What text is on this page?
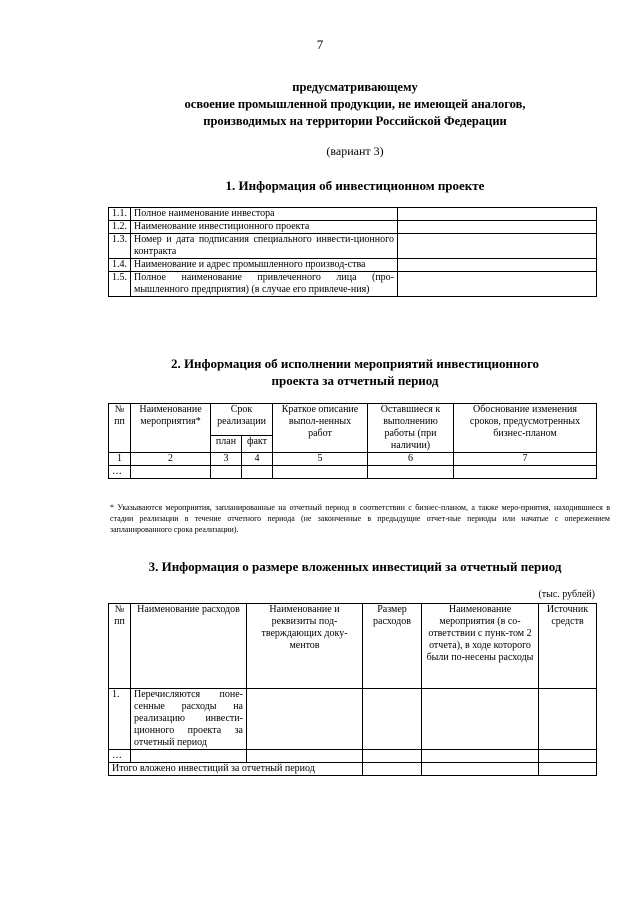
7
предусматривающему
освоение промышленной продукции, не имеющей аналогов,
производимых на территории Российской Федерации
(вариант 3)
1. Информация об инвестиционном проекте
1.1.	Полное наименование инвестора	
1.2.	Наименование инвестиционного проекта	
1.3.	Номер и дата подписания специального инвести-ционного контракта	
1.4.	Наименование и адрес промышленного производ-ства	
1.5.	Полное наименование привлеченного лица (про-мышленного предприятия) (в случае его привлече-ния)	
2. Информация об исполнении мероприятий инвестиционного
проекта за отчетный период
№ пп	Наименование мероприятия*	Срок реализации		Краткое описание выпол-ненных работ	Оставшиеся к выполнению работы (при наличии)	Обоснование изменения сроков, предусмотренных бизнес-планом
		план	факт			
1	2	3	4	5	6	7
…						
* Указываются мероприятия, запланированные на отчетный период в соответствии с бизнес-планом, а также меро-приятия, находившиеся в стадии реализации в течение отчетного периода (не законченные в предыдущие отчет-ные периоды или начатые с опережением запланированного срока реализации).
3. Информация о размере вложенных инвестиций за отчетный период
(тыс. рублей)
№ пп	Наименование расходов	Наименование и реквизиты под-тверждающих доку-ментов	Размер расходов	Наименование мероприятия (в со-ответствии с пунк-том 2 отчета), в ходе которого были по-несены расходы	Источник средств
1.	Перечисляются поне-сенные расходы на реализацию инвести-ционного проекта за отчетный период				
…					
Итого вложено инвестиций за отчетный период					
